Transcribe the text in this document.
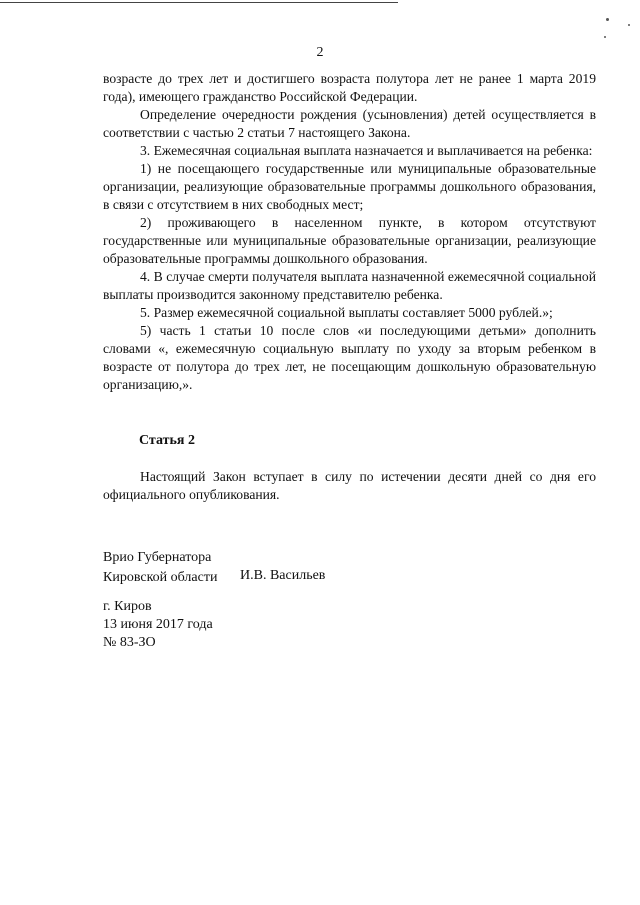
2

возрасте до трех лет и достигшего возраста полутора лет не ранее 1 марта 2019 года), имеющего гражданство Российской Федерации.

Определение очередности рождения (усыновления) детей осуществляется в соответствии с частью 2 статьи 7 настоящего Закона.

3. Ежемесячная социальная выплата назначается и выплачивается на ребенка:

1) не посещающего государственные или муниципальные образовательные организации, реализующие образовательные программы дошкольного образования, в связи с отсутствием в них свободных мест;

2) проживающего в населенном пункте, в котором отсутствуют государственные или муниципальные образовательные организации, реализующие образовательные программы дошкольного образования.

4. В случае смерти получателя выплата назначенной ежемесячной социальной выплаты производится законному представителю ребенка.

5. Размер ежемесячной социальной выплаты составляет 5000 рублей.»;

5) часть 1 статьи 10 после слов «и последующими детьми» дополнить словами «, ежемесячную социальную выплату по уходу за вторым ребенком в возрасте от полутора до трех лет, не посещающим дошкольную образовательную организацию,».

Статья 2

Настоящий Закон вступает в силу по истечении десяти дней со дня его официального опубликования.

Врио Губернатора
Кировской области И.В. Васильев
г. Киров
13 июня 2017 года
№ 83-ЗО
